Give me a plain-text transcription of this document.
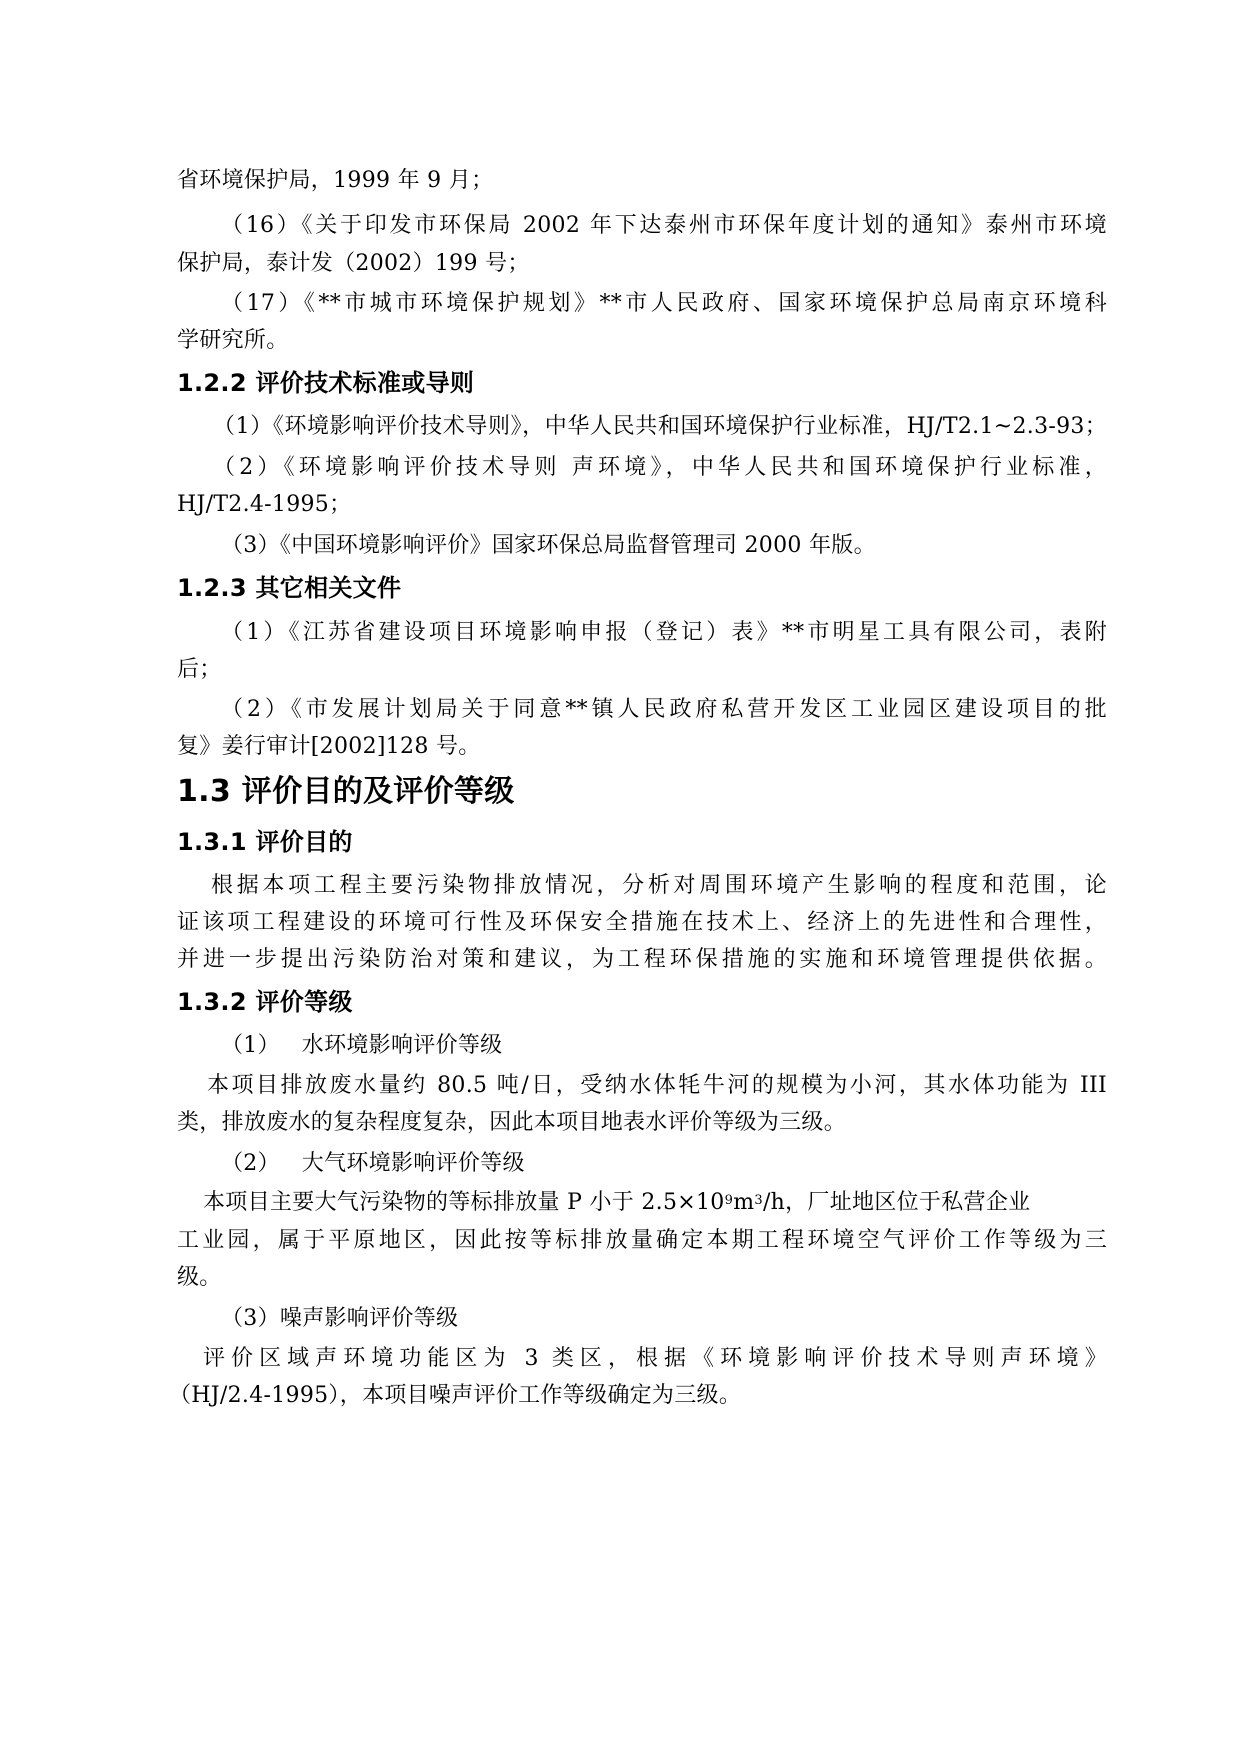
省环境保护局，1999 年 9 月；
（16）《关于印发市环保局 2002 年下达泰州市环保年度计划的通知》泰州市环境
保护局，泰计发（2002）199 号；
（17）《**市城市环境保护规划》**市人民政府、国家环境保护总局南京环境科
学研究所。
1.2.2 评价技术标准或导则
（1）《环境影响评价技术导则》，中华人民共和国环境保护行业标准，HJ/T2.1~2.3-93；
（2）《环境影响评价技术导则 声环境》，中华人民共和国环境保护行业标准，
HJ/T2.4-1995；
（3）《中国环境影响评价》国家环保总局监督管理司 2000 年版。
1.2.3 其它相关文件
（1）《江苏省建设项目环境影响申报（登记）表》**市明星工具有限公司，表附
后；
（2）《市发展计划局关于同意**镇人民政府私营开发区工业园区建设项目的批
复》姜行审计[2002]128 号。
1.3 评价目的及评价等级
1.3.1 评价目的
根据本项工程主要污染物排放情况，分析对周围环境产生影响的程度和范围，论
证该项工程建设的环境可行性及环保安全措施在技术上、经济上的先进性和合理性，
并进一步提出污染防治对策和建议，为工程环保措施的实施和环境管理提供依据。
1.3.2 评价等级
（1）   水环境影响评价等级
本项目排放废水量约 80.5 吨/日，受纳水体牦牛河的规模为小河，其水体功能为 III
类，排放废水的复杂程度复杂，因此本项目地表水评价等级为三级。
（2）   大气环境影响评价等级
本项目主要大气污染物的等标排放量 P 小于 $2.5\times 10^9m^3/h$，厂址地区位于私营企业
工业园，属于平原地区，因此按等标排放量确定本期工程环境空气评价工作等级为三
级。
（3）噪声影响评价等级
评价区域声环境功能区为 3 类区，根据《环境影响评价技术导则声环境》
（HJ/2.4-1995），本项目噪声评价工作等级确定为三级。
